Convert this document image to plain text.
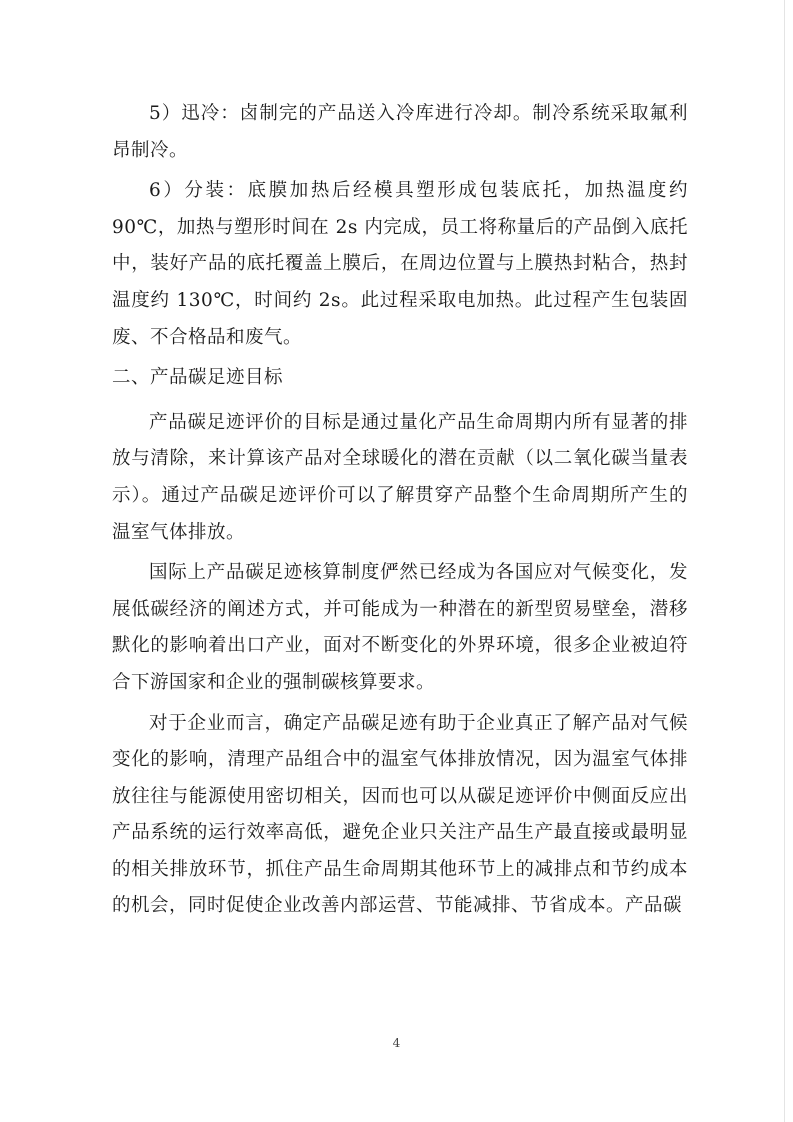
5）迅冷：卤制完的产品送入冷库进行冷却。制冷系统采取氟利昂制冷。

6）分装：底膜加热后经模具塑形成包装底托，加热温度约 90℃，加热与塑形时间在 2s 内完成，员工将称量后的产品倒入底托中，装好产品的底托覆盖上膜后，在周边位置与上膜热封粘合，热封温度约 130℃，时间约 2s。此过程采取电加热。此过程产生包装固废、不合格品和废气。

二、产品碳足迹目标

产品碳足迹评价的目标是通过量化产品生命周期内所有显著的排放与清除，来计算该产品对全球暖化的潜在贡献（以二氧化碳当量表示）。通过产品碳足迹评价可以了解贯穿产品整个生命周期所产生的温室气体排放。

国际上产品碳足迹核算制度俨然已经成为各国应对气候变化，发展低碳经济的阐述方式，并可能成为一种潜在的新型贸易壁垒，潜移默化的影响着出口产业，面对不断变化的外界环境，很多企业被迫符合下游国家和企业的强制碳核算要求。

对于企业而言，确定产品碳足迹有助于企业真正了解产品对气候变化的影响，清理产品组合中的温室气体排放情况，因为温室气体排放往往与能源使用密切相关，因而也可以从碳足迹评价中侧面反应出产品系统的运行效率高低，避免企业只关注产品生产最直接或最明显的相关排放环节，抓住产品生命周期其他环节上的减排点和节约成本的机会，同时促使企业改善内部运营、节能减排、节省成本。产品碳

4
